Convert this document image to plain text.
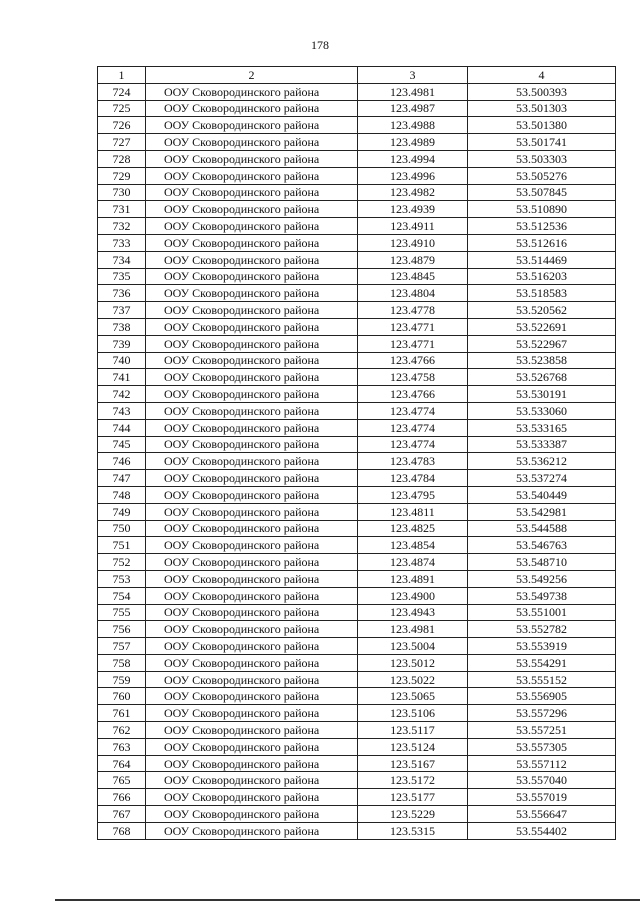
178
1	2	3	4
724	ООУ Сковородинского района	123.4981	53.500393
725	ООУ Сковородинского района	123.4987	53.501303
726	ООУ Сковородинского района	123.4988	53.501380
727	ООУ Сковородинского района	123.4989	53.501741
728	ООУ Сковородинского района	123.4994	53.503303
729	ООУ Сковородинского района	123.4996	53.505276
730	ООУ Сковородинского района	123.4982	53.507845
731	ООУ Сковородинского района	123.4939	53.510890
732	ООУ Сковородинского района	123.4911	53.512536
733	ООУ Сковородинского района	123.4910	53.512616
734	ООУ Сковородинского района	123.4879	53.514469
735	ООУ Сковородинского района	123.4845	53.516203
736	ООУ Сковородинского района	123.4804	53.518583
737	ООУ Сковородинского района	123.4778	53.520562
738	ООУ Сковородинского района	123.4771	53.522691
739	ООУ Сковородинского района	123.4771	53.522967
740	ООУ Сковородинского района	123.4766	53.523858
741	ООУ Сковородинского района	123.4758	53.526768
742	ООУ Сковородинского района	123.4766	53.530191
743	ООУ Сковородинского района	123.4774	53.533060
744	ООУ Сковородинского района	123.4774	53.533165
745	ООУ Сковородинского района	123.4774	53.533387
746	ООУ Сковородинского района	123.4783	53.536212
747	ООУ Сковородинского района	123.4784	53.537274
748	ООУ Сковородинского района	123.4795	53.540449
749	ООУ Сковородинского района	123.4811	53.542981
750	ООУ Сковородинского района	123.4825	53.544588
751	ООУ Сковородинского района	123.4854	53.546763
752	ООУ Сковородинского района	123.4874	53.548710
753	ООУ Сковородинского района	123.4891	53.549256
754	ООУ Сковородинского района	123.4900	53.549738
755	ООУ Сковородинского района	123.4943	53.551001
756	ООУ Сковородинского района	123.4981	53.552782
757	ООУ Сковородинского района	123.5004	53.553919
758	ООУ Сковородинского района	123.5012	53.554291
759	ООУ Сковородинского района	123.5022	53.555152
760	ООУ Сковородинского района	123.5065	53.556905
761	ООУ Сковородинского района	123.5106	53.557296
762	ООУ Сковородинского района	123.5117	53.557251
763	ООУ Сковородинского района	123.5124	53.557305
764	ООУ Сковородинского района	123.5167	53.557112
765	ООУ Сковородинского района	123.5172	53.557040
766	ООУ Сковородинского района	123.5177	53.557019
767	ООУ Сковородинского района	123.5229	53.556647
768	ООУ Сковородинского района	123.5315	53.554402
